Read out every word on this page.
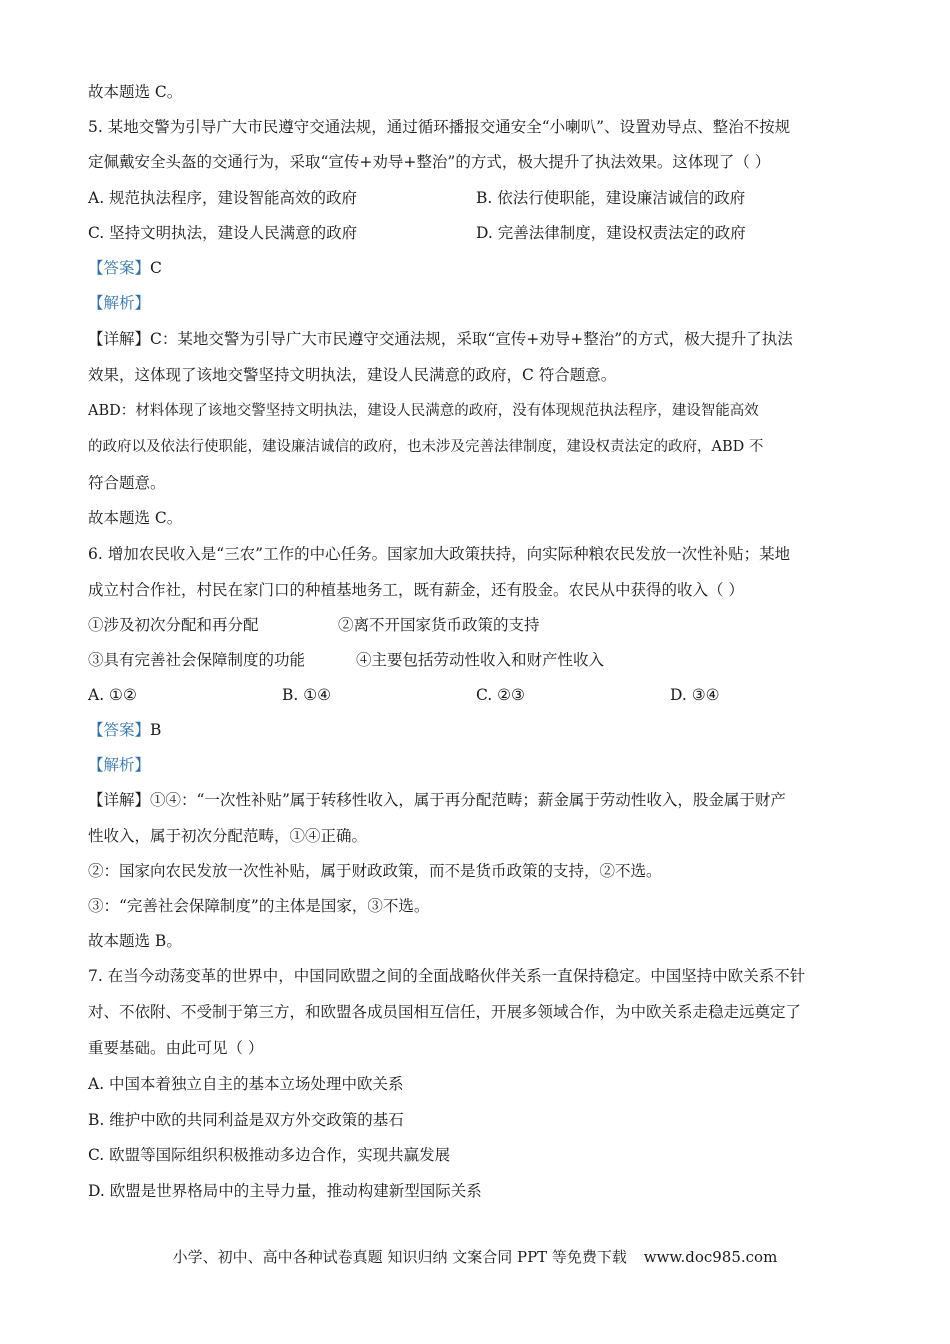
故本题选 C。
5. 某地交警为引导广大市民遵守交通法规，通过循环播报交通安全“小喇叭”、设置劝导点、整治不按规
定佩戴安全头盔的交通行为，采取“宣传+劝导+整治”的方式，极大提升了执法效果。这体现了（ ）
A. 规范执法程序，建设智能高效的政府	B. 依法行使职能，建设廉洁诚信的政府
C. 坚持文明执法，建设人民满意的政府	D. 完善法律制度，建设权责法定的政府
【答案】C
【解析】
【详解】C：某地交警为引导广大市民遵守交通法规，采取“宣传+劝导+整治”的方式，极大提升了执法
效果，这体现了该地交警坚持文明执法，建设人民满意的政府，C 符合题意。
ABD：材料体现了该地交警坚持文明执法，建设人民满意的政府，没有体现规范执法程序，建设智能高效
的政府以及依法行使职能，建设廉洁诚信的政府，也未涉及完善法律制度，建设权责法定的政府，ABD 不
符合题意。
故本题选 C。
6. 增加农民收入是“三农”工作的中心任务。国家加大政策扶持，向实际种粮农民发放一次性补贴；某地
成立村合作社，村民在家门口的种植基地务工，既有薪金，还有股金。农民从中获得的收入（ ）
①涉及初次分配和再分配	②离不开国家货币政策的支持
③具有完善社会保障制度的功能	④主要包括劳动性收入和财产性收入
A. ①②	B. ①④	C. ②③	D. ③④
【答案】B
【解析】
【详解】①④：“一次性补贴”属于转移性收入，属于再分配范畴；薪金属于劳动性收入，股金属于财产
性收入，属于初次分配范畴，①④正确。
②：国家向农民发放一次性补贴，属于财政政策，而不是货币政策的支持，②不选。
③：“完善社会保障制度”的主体是国家，③不选。
故本题选 B。
7. 在当今动荡变革的世界中，中国同欧盟之间的全面战略伙伴关系一直保持稳定。中国坚持中欧关系不针
对、不依附、不受制于第三方，和欧盟各成员国相互信任，开展多领域合作，为中欧关系走稳走远奠定了
重要基础。由此可见（ ）
A. 中国本着独立自主的基本立场处理中欧关系
B. 维护中欧的共同利益是双方外交政策的基石
C. 欧盟等国际组织积极推动多边合作，实现共赢发展
D. 欧盟是世界格局中的主导力量，推动构建新型国际关系
小学、初中、高中各种试卷真题 知识归纳 文案合同 PPT 等免费下载 www.doc985.com
